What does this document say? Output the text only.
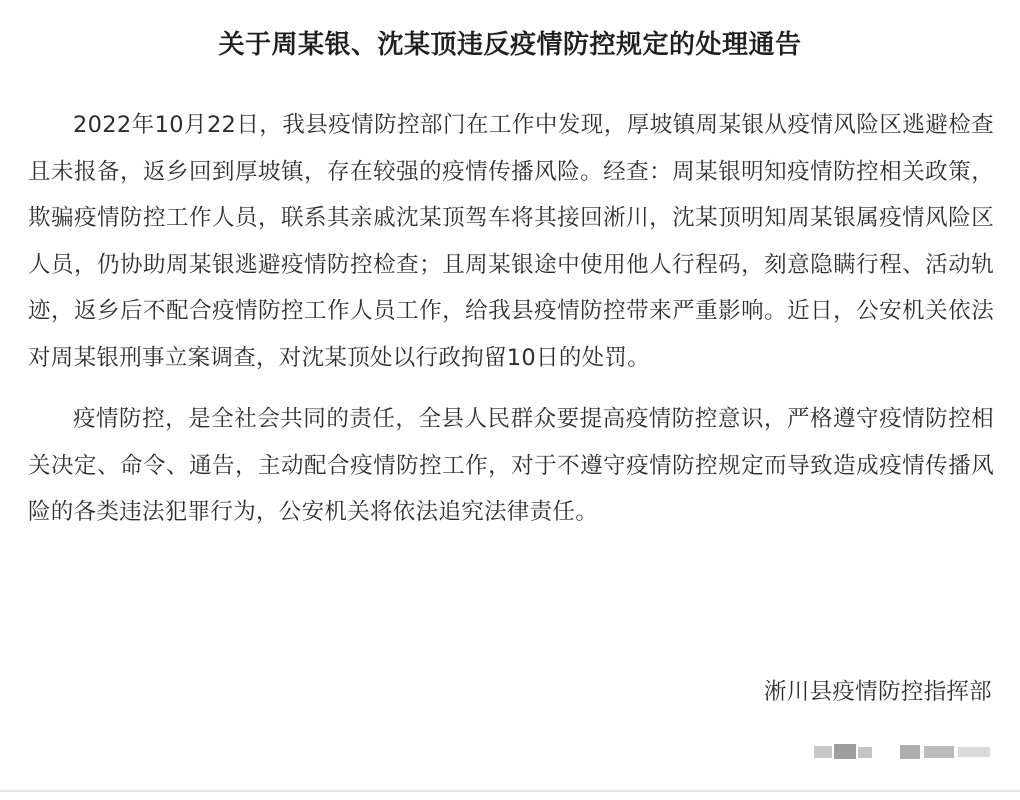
关于周某银、沈某顶违反疫情防控规定的处理通告

2022年10月22日，我县疫情防控部门在工作中发现，厚坡镇周某银从疫情风险区逃避检查且未报备，返乡回到厚坡镇，存在较强的疫情传播风险。经查：周某银明知疫情防控相关政策，欺骗疫情防控工作人员，联系其亲戚沈某顶驾车将其接回淅川，沈某顶明知周某银属疫情风险区人员，仍协助周某银逃避疫情防控检查；且周某银途中使用他人行程码，刻意隐瞒行程、活动轨迹，返乡后不配合疫情防控工作人员工作，给我县疫情防控带来严重影响。近日，公安机关依法对周某银刑事立案调查，对沈某顶处以行政拘留10日的处罚。

疫情防控，是全社会共同的责任，全县人民群众要提高疫情防控意识，严格遵守疫情防控相关决定、命令、通告，主动配合疫情防控工作，对于不遵守疫情防控规定而导致造成疫情传播风险的各类违法犯罪行为，公安机关将依法追究法律责任。

淅川县疫情防控指挥部
